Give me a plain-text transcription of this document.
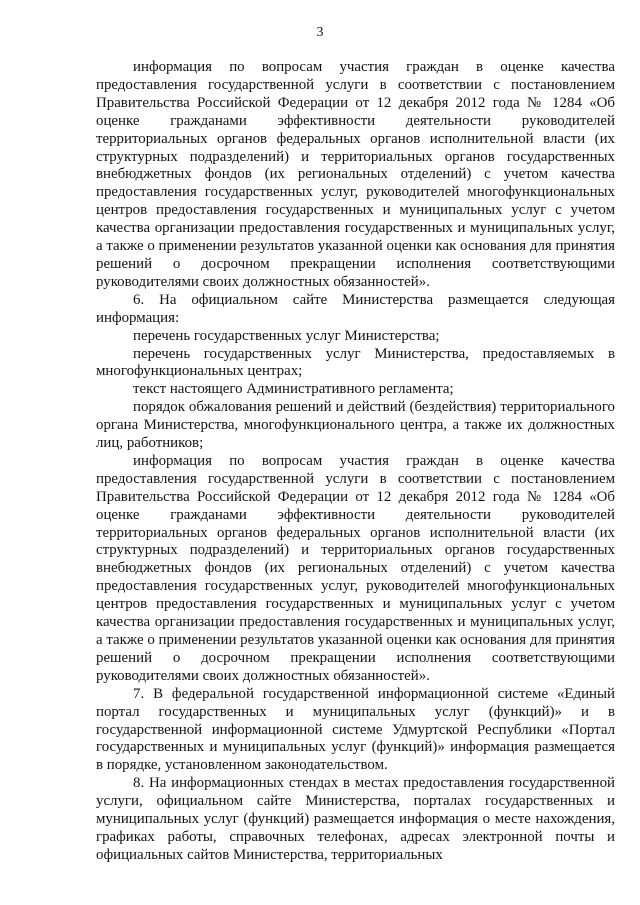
3

информация по вопросам участия граждан в оценке качества предоставления государственной услуги в соответствии с постановлением Правительства Российской Федерации от 12 декабря 2012 года № 1284 «Об оценке гражданами эффективности деятельности руководителей территориальных органов федеральных органов исполнительной власти (их структурных подразделений) и территориальных органов государственных внебюджетных фондов (их региональных отделений) с учетом качества предоставления государственных услуг, руководителей многофункциональных центров предоставления государственных и муниципальных услуг с учетом качества организации предоставления государственных и муниципальных услуг, а также о применении результатов указанной оценки как основания для принятия решений о досрочном прекращении исполнения соответствующими руководителями своих должностных обязанностей».

6. На официальном сайте Министерства размещается следующая информация:

перечень государственных услуг Министерства;

перечень государственных услуг Министерства, предоставляемых в многофункциональных центрах;

текст настоящего Административного регламента;

порядок обжалования решений и действий (бездействия) территориального органа Министерства, многофункционального центра, а также их должностных лиц, работников;

информация по вопросам участия граждан в оценке качества предоставления государственной услуги в соответствии с постановлением Правительства Российской Федерации от 12 декабря 2012 года № 1284 «Об оценке гражданами эффективности деятельности руководителей территориальных органов федеральных органов исполнительной власти (их структурных подразделений) и территориальных органов государственных внебюджетных фондов (их региональных отделений) с учетом качества предоставления государственных услуг, руководителей многофункциональных центров предоставления государственных и муниципальных услуг с учетом качества организации предоставления государственных и муниципальных услуг, а также о применении результатов указанной оценки как основания для принятия решений о досрочном прекращении исполнения соответствующими руководителями своих должностных обязанностей».

7. В федеральной государственной информационной системе «Единый портал государственных и муниципальных услуг (функций)» и в государственной информационной системе Удмуртской Республики «Портал государственных и муниципальных услуг (функций)» информация размещается в порядке, установленном законодательством.

8. На информационных стендах в местах предоставления государственной услуги, официальном сайте Министерства, порталах государственных и муниципальных услуг (функций) размещается информация о месте нахождения, графиках работы, справочных телефонах, адресах электронной почты и официальных сайтов Министерства, территориальных
